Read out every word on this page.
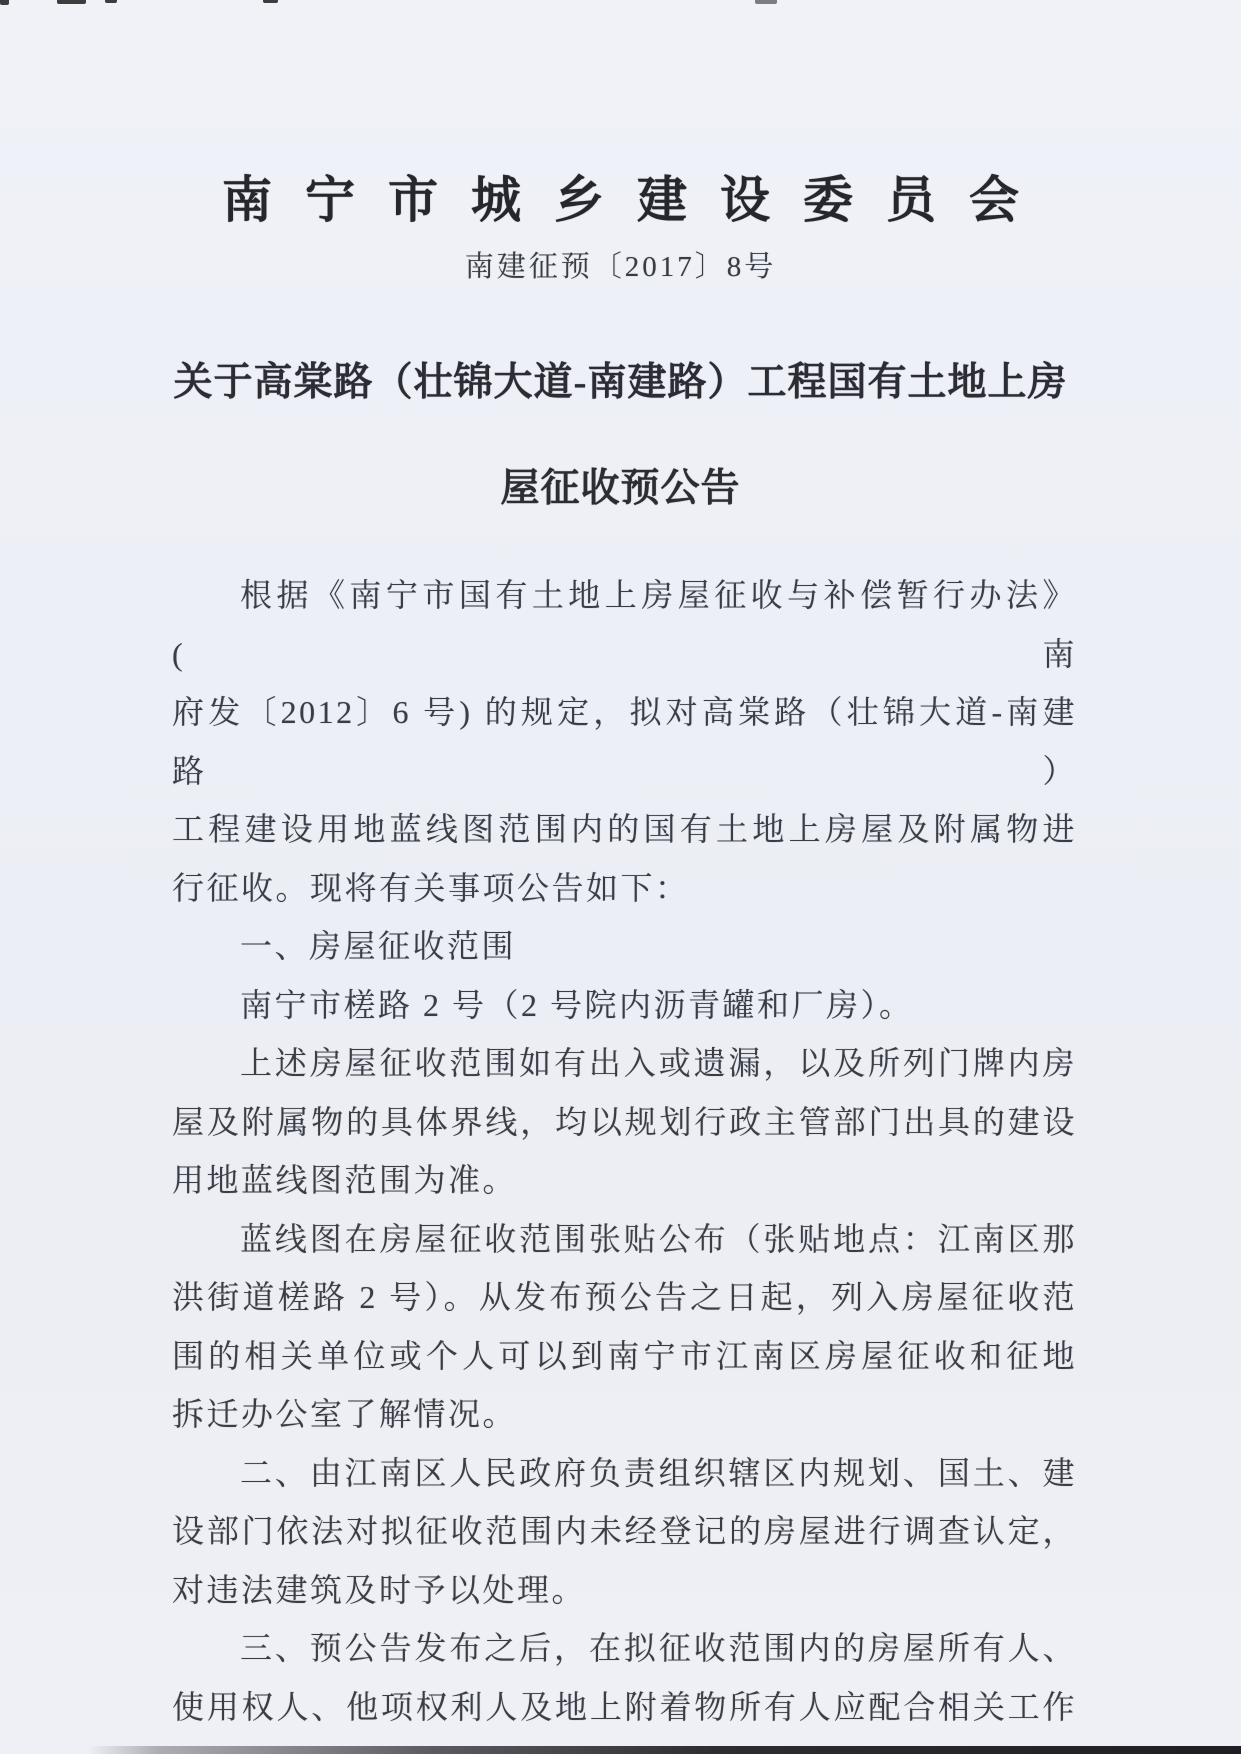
南宁市城乡建设委员会
南建征预〔2017〕8号
关于高棠路（壮锦大道-南建路）工程国有土地上房
屋征收预公告
根据《南宁市国有土地上房屋征收与补偿暂行办法》(南
府发〔2012〕6 号) 的规定，拟对高棠路（壮锦大道-南建路）
工程建设用地蓝线图范围内的国有土地上房屋及附属物进
行征收。现将有关事项公告如下：
一、房屋征收范围
南宁市槎路 2 号（2 号院内沥青罐和厂房）。
上述房屋征收范围如有出入或遗漏，以及所列门牌内房
屋及附属物的具体界线，均以规划行政主管部门出具的建设
用地蓝线图范围为准。
蓝线图在房屋征收范围张贴公布（张贴地点：江南区那
洪街道槎路 2 号）。从发布预公告之日起，列入房屋征收范
围的相关单位或个人可以到南宁市江南区房屋征收和征地
拆迁办公室了解情况。
二、由江南区人民政府负责组织辖区内规划、国土、建
设部门依法对拟征收范围内未经登记的房屋进行调查认定，
对违法建筑及时予以处理。
三、预公告发布之后，在拟征收范围内的房屋所有人、
使用权人、他项权利人及地上附着物所有人应配合相关工作
